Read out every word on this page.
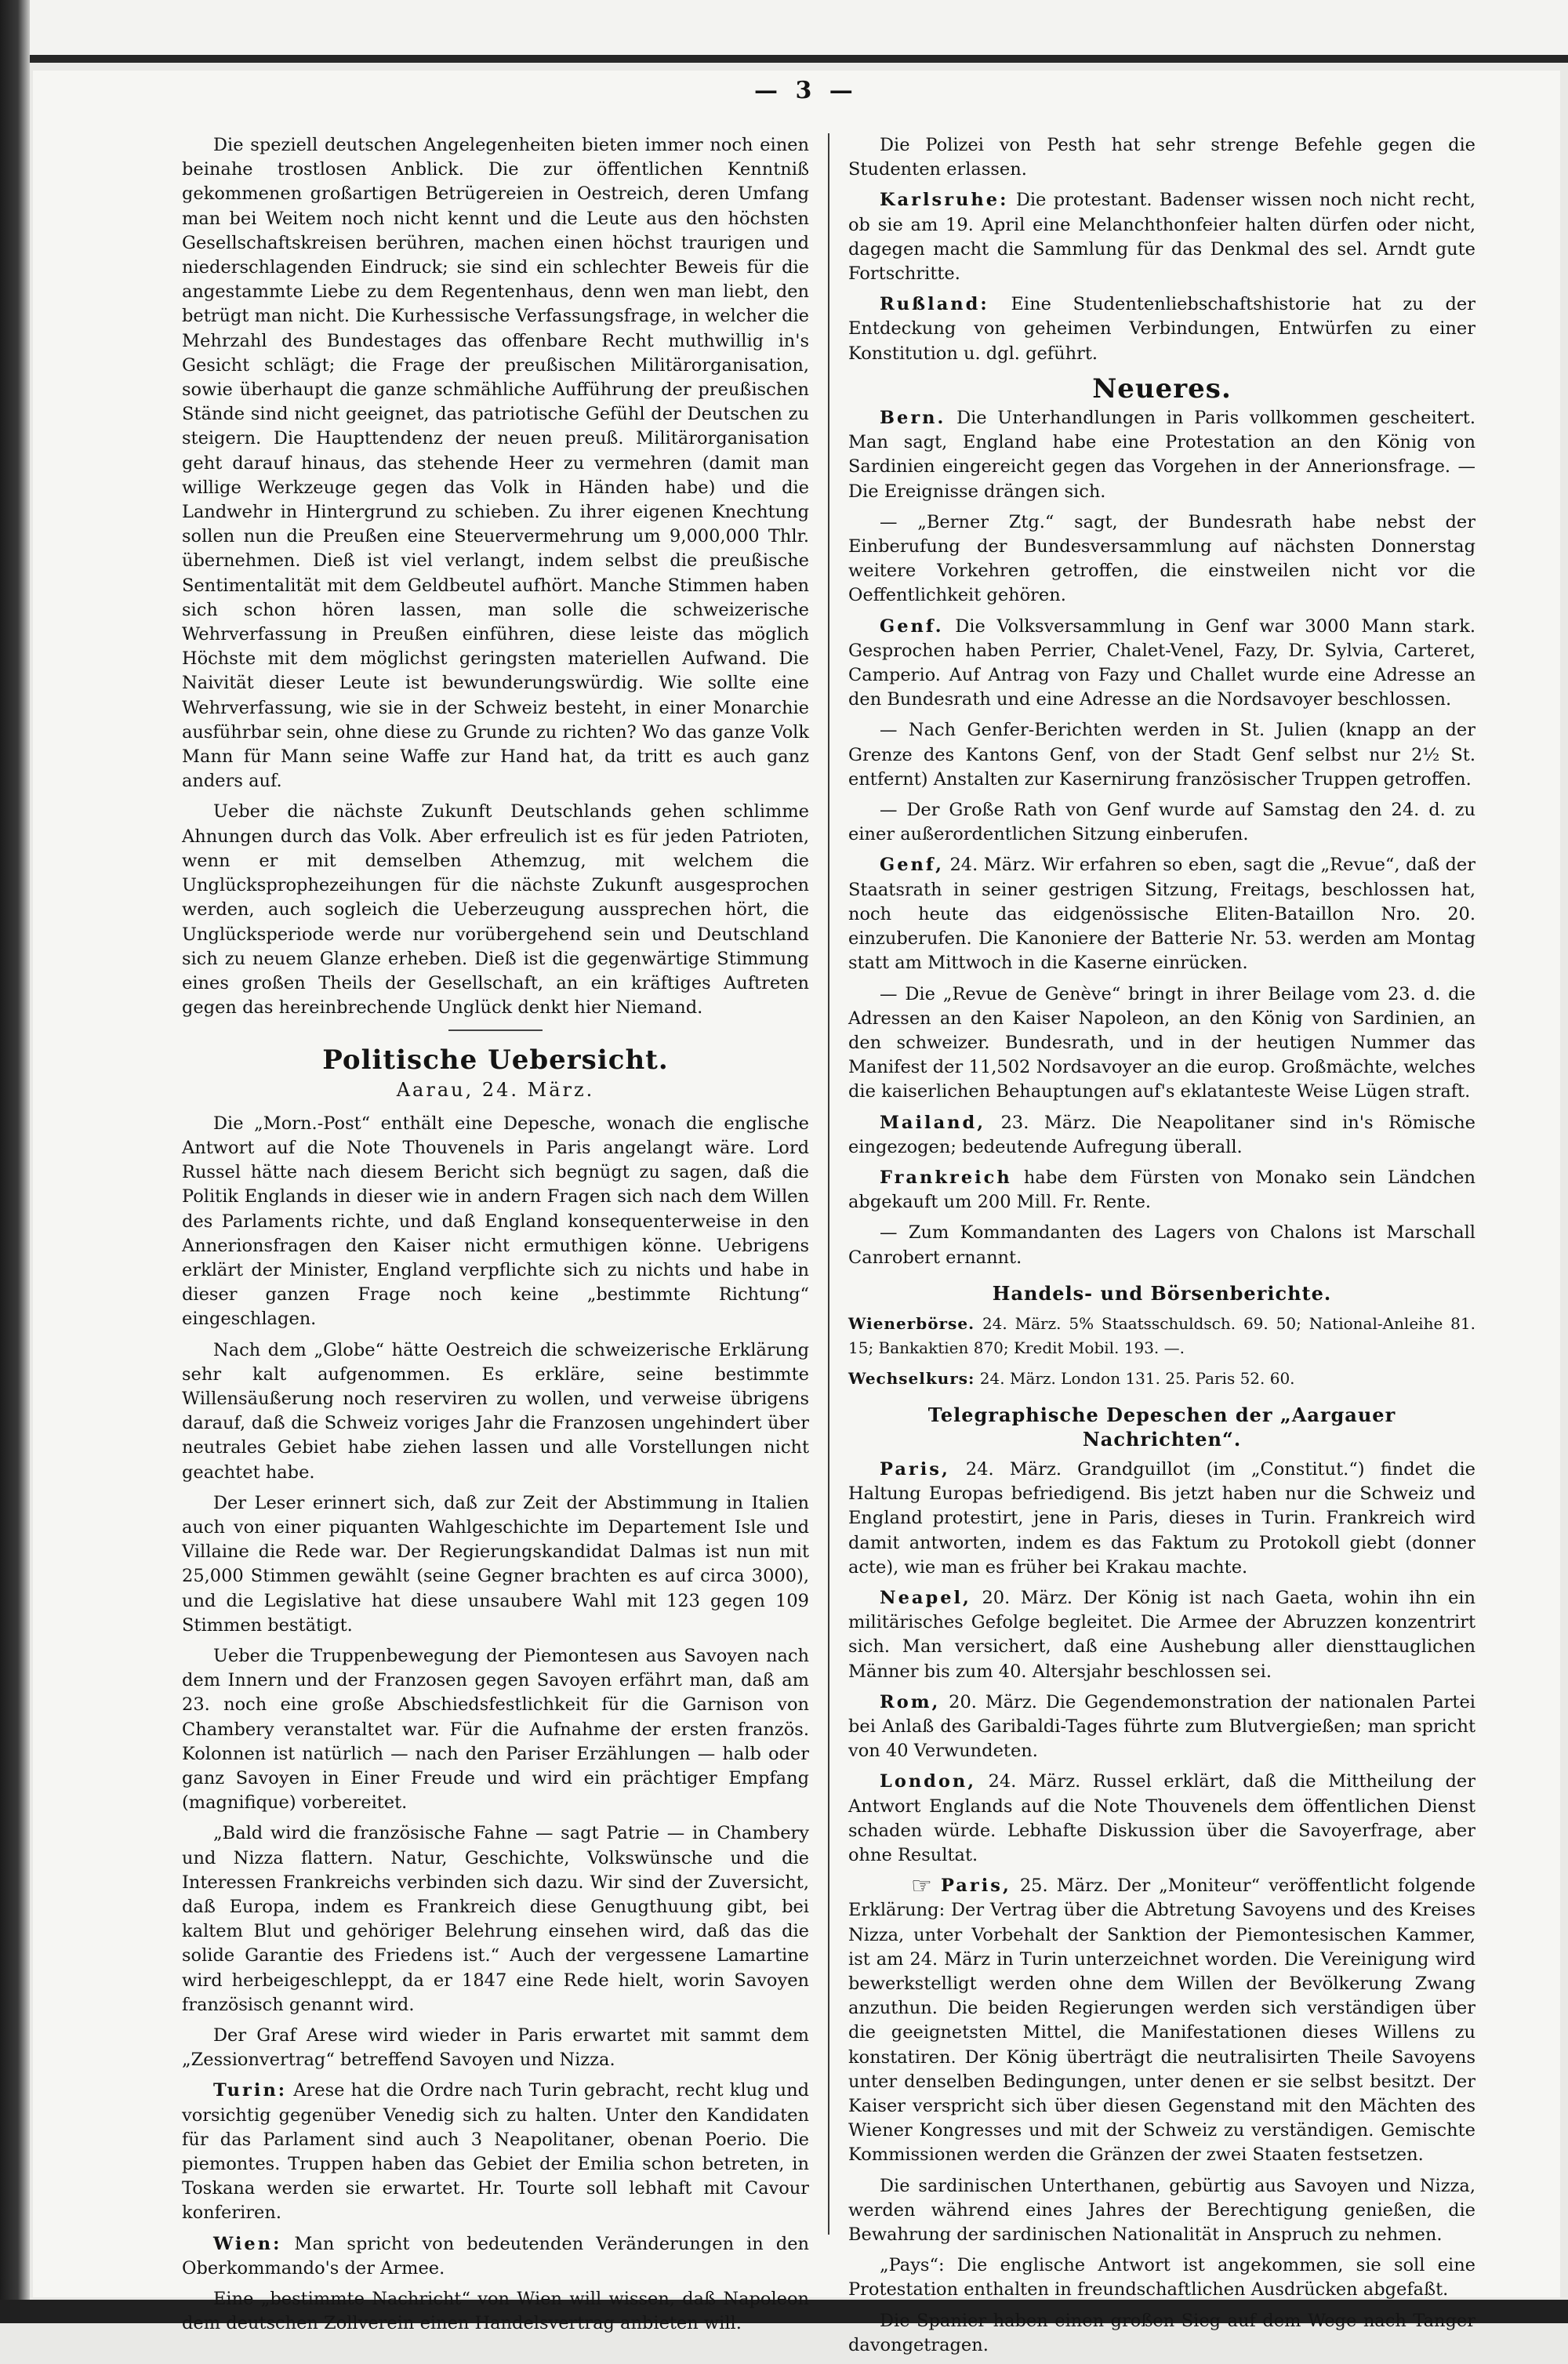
— 3 —

Die speziell deutschen Angelegenheiten bieten immer noch einen beinahe trostlosen Anblick. Die zur öffentlichen Kenntniß gekommenen großartigen Betrügereien in Oestreich, deren Umfang man bei Weitem noch nicht kennt und die Leute aus den höchsten Gesellschaftskreisen berühren, machen einen höchst traurigen und niederschlagenden Eindruck; sie sind ein schlechter Beweis für die angestammte Liebe zu dem Regentenhaus, denn wen man liebt, den betrügt man nicht. Die Kurhessische Verfassungsfrage, in welcher die Mehrzahl des Bundestages das offenbare Recht muthwillig in's Gesicht schlägt; die Frage der preußischen Militärorganisation, sowie überhaupt die ganze schmähliche Aufführung der preußischen Stände sind nicht geeignet, das patriotische Gefühl der Deutschen zu steigern. Die Haupttendenz der neuen preuß. Militärorganisation geht darauf hinaus, das stehende Heer zu vermehren (damit man willige Werkzeuge gegen das Volk in Händen habe) und die Landwehr in Hintergrund zu schieben. Zu ihrer eigenen Knechtung sollen nun die Preußen eine Steuervermehrung um 9,000,000 Thlr. übernehmen. Dieß ist viel verlangt, indem selbst die preußische Sentimentalität mit dem Geldbeutel aufhört. Manche Stimmen haben sich schon hören lassen, man solle die schweizerische Wehrverfassung in Preußen einführen, diese leiste das möglich Höchste mit dem möglichst geringsten materiellen Aufwand. Die Naivität dieser Leute ist bewunderungswürdig. Wie sollte eine Wehrverfassung, wie sie in der Schweiz besteht, in einer Monarchie ausführbar sein, ohne diese zu Grunde zu richten? Wo das ganze Volk Mann für Mann seine Waffe zur Hand hat, da tritt es auch ganz anders auf.

Ueber die nächste Zukunft Deutschlands gehen schlimme Ahnungen durch das Volk. Aber erfreulich ist es für jeden Patrioten, wenn er mit demselben Athemzug, mit welchem die Unglücksprophezeihungen für die nächste Zukunft ausgesprochen werden, auch sogleich die Ueberzeugung aussprechen hört, die Unglücksperiode werde nur vorübergehend sein und Deutschland sich zu neuem Glanze erheben. Dieß ist die gegenwärtige Stimmung eines großen Theils der Gesellschaft, an ein kräftiges Auftreten gegen das hereinbrechende Unglück denkt hier Niemand.

Politische Uebersicht.
Aarau, 24. März.

Die „Morn.-Post“ enthält eine Depesche, wonach die englische Antwort auf die Note Thouvenels in Paris angelangt wäre. Lord Russel hätte nach diesem Bericht sich begnügt zu sagen, daß die Politik Englands in dieser wie in andern Fragen sich nach dem Willen des Parlaments richte, und daß England konsequenterweise in den Annerionsfragen den Kaiser nicht ermuthigen könne. Uebrigens erklärt der Minister, England verpflichte sich zu nichts und habe in dieser ganzen Frage noch keine „bestimmte Richtung“ eingeschlagen.

Nach dem „Globe“ hätte Oestreich die schweizerische Erklärung sehr kalt aufgenommen. Es erkläre, seine bestimmte Willensäußerung noch reserviren zu wollen, und verweise übrigens darauf, daß die Schweiz voriges Jahr die Franzosen ungehindert über neutrales Gebiet habe ziehen lassen und alle Vorstellungen nicht geachtet habe.

Der Leser erinnert sich, daß zur Zeit der Abstimmung in Italien auch von einer piquanten Wahlgeschichte im Departement Isle und Villaine die Rede war. Der Regierungskandidat Dalmas ist nun mit 25,000 Stimmen gewählt (seine Gegner brachten es auf circa 3000), und die Legislative hat diese unsaubere Wahl mit 123 gegen 109 Stimmen bestätigt.

Ueber die Truppenbewegung der Piemontesen aus Savoyen nach dem Innern und der Franzosen gegen Savoyen erfährt man, daß am 23. noch eine große Abschiedsfestlichkeit für die Garnison von Chambery veranstaltet war. Für die Aufnahme der ersten französ. Kolonnen ist natürlich — nach den Pariser Erzählungen — halb oder ganz Savoyen in Einer Freude und wird ein prächtiger Empfang (magnifique) vorbereitet.

„Bald wird die französische Fahne — sagt Patrie — in Chambery und Nizza flattern. Natur, Geschichte, Volkswünsche und die Interessen Frankreichs verbinden sich dazu. Wir sind der Zuversicht, daß Europa, indem es Frankreich diese Genugthuung gibt, bei kaltem Blut und gehöriger Belehrung einsehen wird, daß das die solide Garantie des Friedens ist.“ Auch der vergessene Lamartine wird herbeigeschleppt, da er 1847 eine Rede hielt, worin Savoyen französisch genannt wird.

Der Graf Arese wird wieder in Paris erwartet mit sammt dem „Zessionvertrag“ betreffend Savoyen und Nizza.

Turin: Arese hat die Ordre nach Turin gebracht, recht klug und vorsichtig gegenüber Venedig sich zu halten. Unter den Kandidaten für das Parlament sind auch 3 Neapolitaner, obenan Poerio. Die piemontes. Truppen haben das Gebiet der Emilia schon betreten, in Toskana werden sie erwartet. Hr. Tourte soll lebhaft mit Cavour konferiren.

Wien: Man spricht von bedeutenden Veränderungen in den Oberkommando's der Armee.

Eine „bestimmte Nachricht“ von Wien will wissen, daß Napoleon dem deutschen Zollverein einen Handelsvertrag anbieten will.

Die Polizei von Pesth hat sehr strenge Befehle gegen die Studenten erlassen.

Karlsruhe: Die protestant. Badenser wissen noch nicht recht, ob sie am 19. April eine Melanchthonfeier halten dürfen oder nicht, dagegen macht die Sammlung für das Denkmal des sel. Arndt gute Fortschritte.

Rußland: Eine Studentenliebschaftshistorie hat zu der Entdeckung von geheimen Verbindungen, Entwürfen zu einer Konstitution u. dgl. geführt.

Neueres.

Bern. Die Unterhandlungen in Paris vollkommen gescheitert. Man sagt, England habe eine Protestation an den König von Sardinien eingereicht gegen das Vorgehen in der Annerionsfrage. — Die Ereignisse drängen sich.

— „Berner Ztg.“ sagt, der Bundesrath habe nebst der Einberufung der Bundesversammlung auf nächsten Donnerstag weitere Vorkehren getroffen, die einstweilen nicht vor die Oeffentlichkeit gehören.

Genf. Die Volksversammlung in Genf war 3000 Mann stark. Gesprochen haben Perrier, Chalet-Venel, Fazy, Dr. Sylvia, Carteret, Camperio. Auf Antrag von Fazy und Challet wurde eine Adresse an den Bundesrath und eine Adresse an die Nordsavoyer beschlossen.

— Nach Genfer-Berichten werden in St. Julien (knapp an der Grenze des Kantons Genf, von der Stadt Genf selbst nur 2½ St. entfernt) Anstalten zur Kasernirung französischer Truppen getroffen.

— Der Große Rath von Genf wurde auf Samstag den 24. d. zu einer außerordentlichen Sitzung einberufen.

Genf, 24. März. Wir erfahren so eben, sagt die „Revue“, daß der Staatsrath in seiner gestrigen Sitzung, Freitags, beschlossen hat, noch heute das eidgenössische Eliten-Bataillon Nro. 20. einzuberufen. Die Kanoniere der Batterie Nr. 53. werden am Montag statt am Mittwoch in die Kaserne einrücken.

— Die „Revue de Genève“ bringt in ihrer Beilage vom 23. d. die Adressen an den Kaiser Napoleon, an den König von Sardinien, an den schweizer. Bundesrath, und in der heutigen Nummer das Manifest der 11,502 Nordsavoyer an die europ. Großmächte, welches die kaiserlichen Behauptungen auf's eklatanteste Weise Lügen straft.

Mailand, 23. März. Die Neapolitaner sind in's Römische eingezogen; bedeutende Aufregung überall.

Frankreich habe dem Fürsten von Monako sein Ländchen abgekauft um 200 Mill. Fr. Rente.

— Zum Kommandanten des Lagers von Chalons ist Marschall Canrobert ernannt.

Handels- und Börsenberichte.

Wienerbörse. 24. März. 5% Staatsschuldsch. 69. 50; National-Anleihe 81. 15; Bankaktien 870; Kredit Mobil. 193. —.

Wechselkurs: 24. März. London 131. 25. Paris 52. 60.

Telegraphische Depeschen der „Aargauer Nachrichten“.

Paris, 24. März. Grandguillot (im „Constitut.“) findet die Haltung Europas befriedigend. Bis jetzt haben nur die Schweiz und England protestirt, jene in Paris, dieses in Turin. Frankreich wird damit antworten, indem es das Faktum zu Protokoll giebt (donner acte), wie man es früher bei Krakau machte.

Neapel, 20. März. Der König ist nach Gaeta, wohin ihn ein militärisches Gefolge begleitet. Die Armee der Abruzzen konzentrirt sich. Man versichert, daß eine Aushebung aller diensttauglichen Männer bis zum 40. Altersjahr beschlossen sei.

Rom, 20. März. Die Gegendemonstration der nationalen Partei bei Anlaß des Garibaldi-Tages führte zum Blutvergießen; man spricht von 40 Verwundeten.

London, 24. März. Russel erklärt, daß die Mittheilung der Antwort Englands auf die Note Thouvenels dem öffentlichen Dienst schaden würde. Lebhafte Diskussion über die Savoyerfrage, aber ohne Resultat.

☞ Paris, 25. März. Der „Moniteur“ veröffentlicht folgende Erklärung: Der Vertrag über die Abtretung Savoyens und des Kreises Nizza, unter Vorbehalt der Sanktion der Piemontesischen Kammer, ist am 24. März in Turin unterzeichnet worden. Die Vereinigung wird bewerkstelligt werden ohne dem Willen der Bevölkerung Zwang anzuthun. Die beiden Regierungen werden sich verständigen über die geeignetsten Mittel, die Manifestationen dieses Willens zu konstatiren. Der König überträgt die neutralisirten Theile Savoyens unter denselben Bedingungen, unter denen er sie selbst besitzt. Der Kaiser verspricht sich über diesen Gegenstand mit den Mächten des Wiener Kongresses und mit der Schweiz zu verständigen. Gemischte Kommissionen werden die Gränzen der zwei Staaten festsetzen.

Die sardinischen Unterthanen, gebürtig aus Savoyen und Nizza, werden während eines Jahres der Berechtigung genießen, die Bewahrung der sardinischen Nationalität in Anspruch zu nehmen.

„Pays“: Die englische Antwort ist angekommen, sie soll eine Protestation enthalten in freundschaftlichen Ausdrücken abgefaßt.

Die Spanier haben einen großen Sieg auf dem Wege nach Tanger davongetragen.
